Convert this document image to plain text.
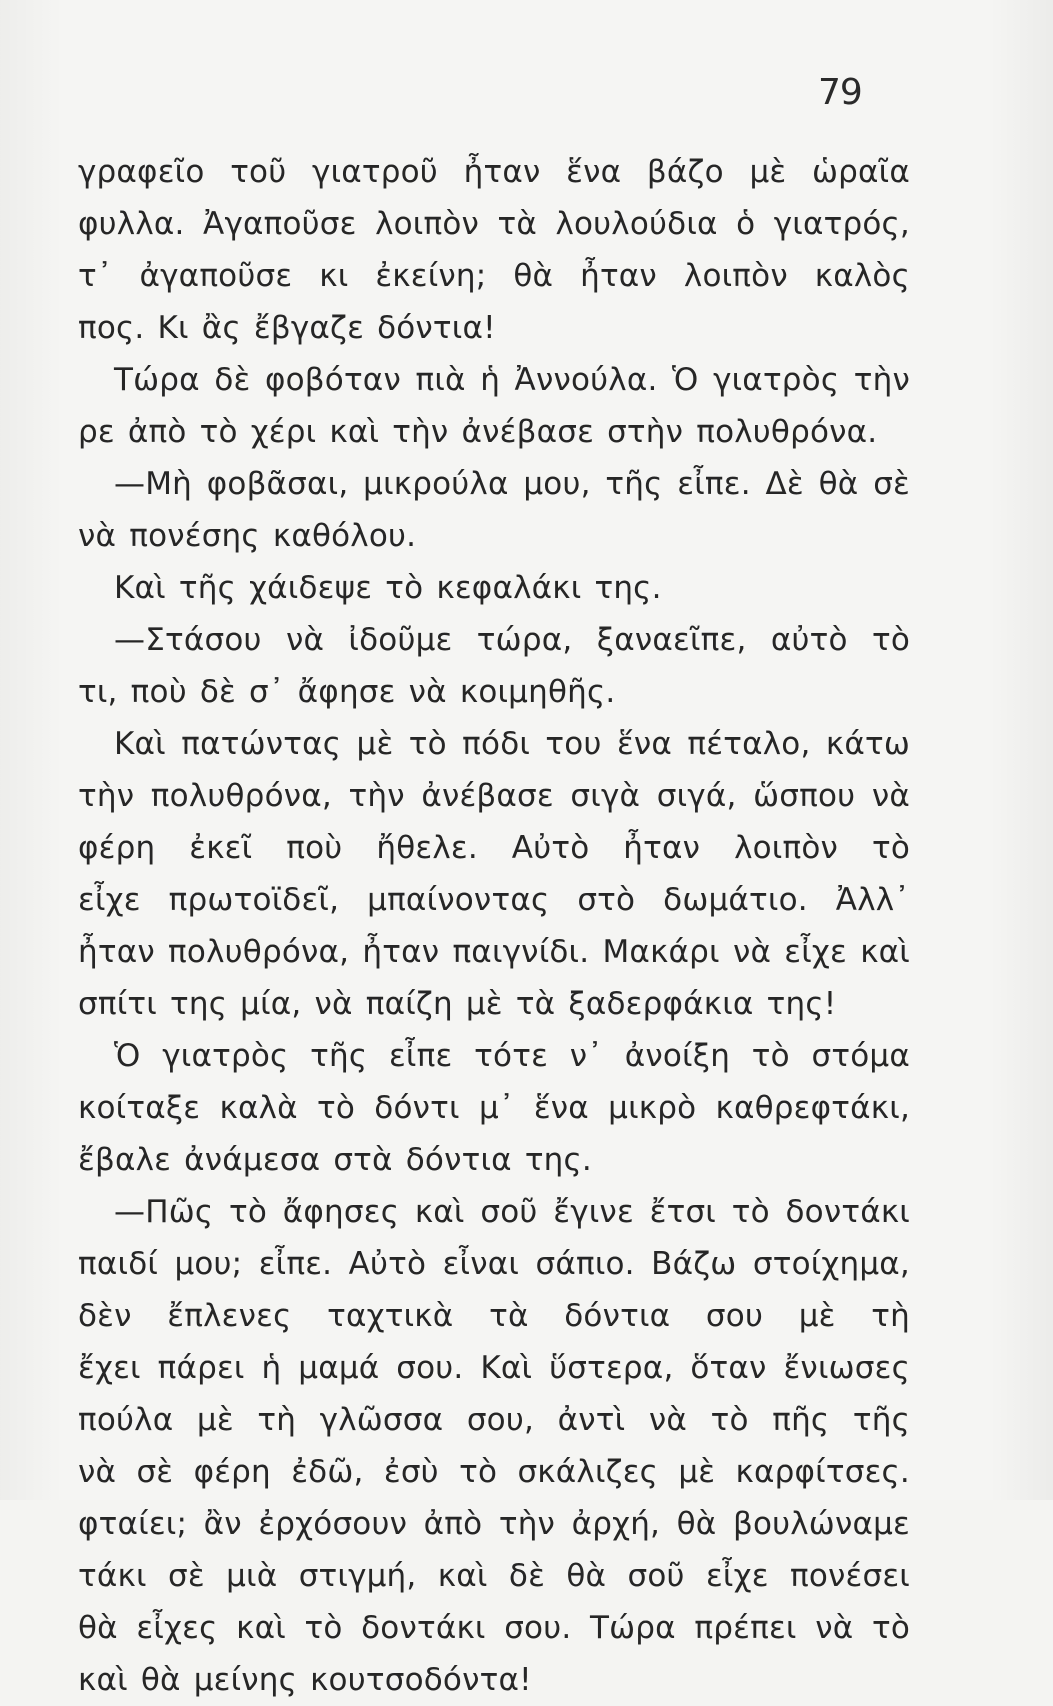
79
γραφεῖο τοῦ γιατροῦ ἦταν ἕνα βάζο μὲ ὡραῖα
φυλλα. Ἀγαποῦσε λοιπὸν τὰ λουλούδια ὁ γιατρός,
τ᾽ ἀγαποῦσε κι ἐκείνη; θὰ ἦταν λοιπὸν καλὸς
πος. Κι ἂς ἔβγαζε δόντια!
Τώρα δὲ φοβόταν πιὰ ἡ Ἀννούλα. Ὁ γιατρὸς τὴν
ρε ἀπὸ τὸ χέρι καὶ τὴν ἀνέβασε στὴν πολυθρόνα.
—Μὴ φοβᾶσαι, μικρούλα μου, τῆς εἶπε. Δὲ θὰ σὲ
νὰ πονέσης καθόλου.
Καὶ τῆς χάιδεψε τὸ κεφαλάκι της.
—Στάσου νὰ ἰδοῦμε τώρα, ξαναεῖπε, αὐτὸ τὸ
τι, ποὺ δὲ σ᾽ ἄφησε νὰ κοιμηθῆς.
Καὶ πατώντας μὲ τὸ πόδι του ἕνα πέταλο, κάτω
τὴν πολυθρόνα, τὴν ἀνέβασε σιγὰ σιγά, ὥσπου νὰ
φέρη ἐκεῖ ποὺ ἤθελε. Αὐτὸ ἦταν λοιπὸν τὸ
εἶχε πρωτοϊδεῖ, μπαίνοντας στὸ δωμάτιο. Ἀλλ᾽
ἦταν πολυθρόνα, ἦταν παιγνίδι. Μακάρι νὰ εἶχε καὶ
σπίτι της μία, νὰ παίζη μὲ τὰ ξαδερφάκια της!
Ὁ γιατρὸς τῆς εἶπε τότε ν᾽ ἀνοίξη τὸ στόμα
κοίταξε καλὰ τὸ δόντι μ᾽ ἕνα μικρὸ καθρεφτάκι,
ἔβαλε ἀνάμεσα στὰ δόντια της.
—Πῶς τὸ ἄφησες καὶ σοῦ ἔγινε ἔτσι τὸ δοντάκι
παιδί μου; εἶπε. Αὐτὸ εἶναι σάπιο. Βάζω στοίχημα,
δὲν ἔπλενες ταχτικὰ τὰ δόντια σου μὲ τὴ
ἔχει πάρει ἡ μαμά σου. Καὶ ὕστερα, ὅταν ἔνιωσες
πούλα μὲ τὴ γλῶσσα σου, ἀντὶ νὰ τὸ πῆς τῆς
νὰ σὲ φέρη ἐδῶ, ἐσὺ τὸ σκάλιζες μὲ καρφίτσες.
φταίει; ἂν ἐρχόσουν ἀπὸ τὴν ἀρχή, θὰ βουλώναμε
τάκι σὲ μιὰ στιγμή, καὶ δὲ θὰ σοῦ εἶχε πονέσει
θὰ εἶχες καὶ τὸ δοντάκι σου. Τώρα πρέπει νὰ τὸ
καὶ θὰ μείνης κουτσοδόντα!
